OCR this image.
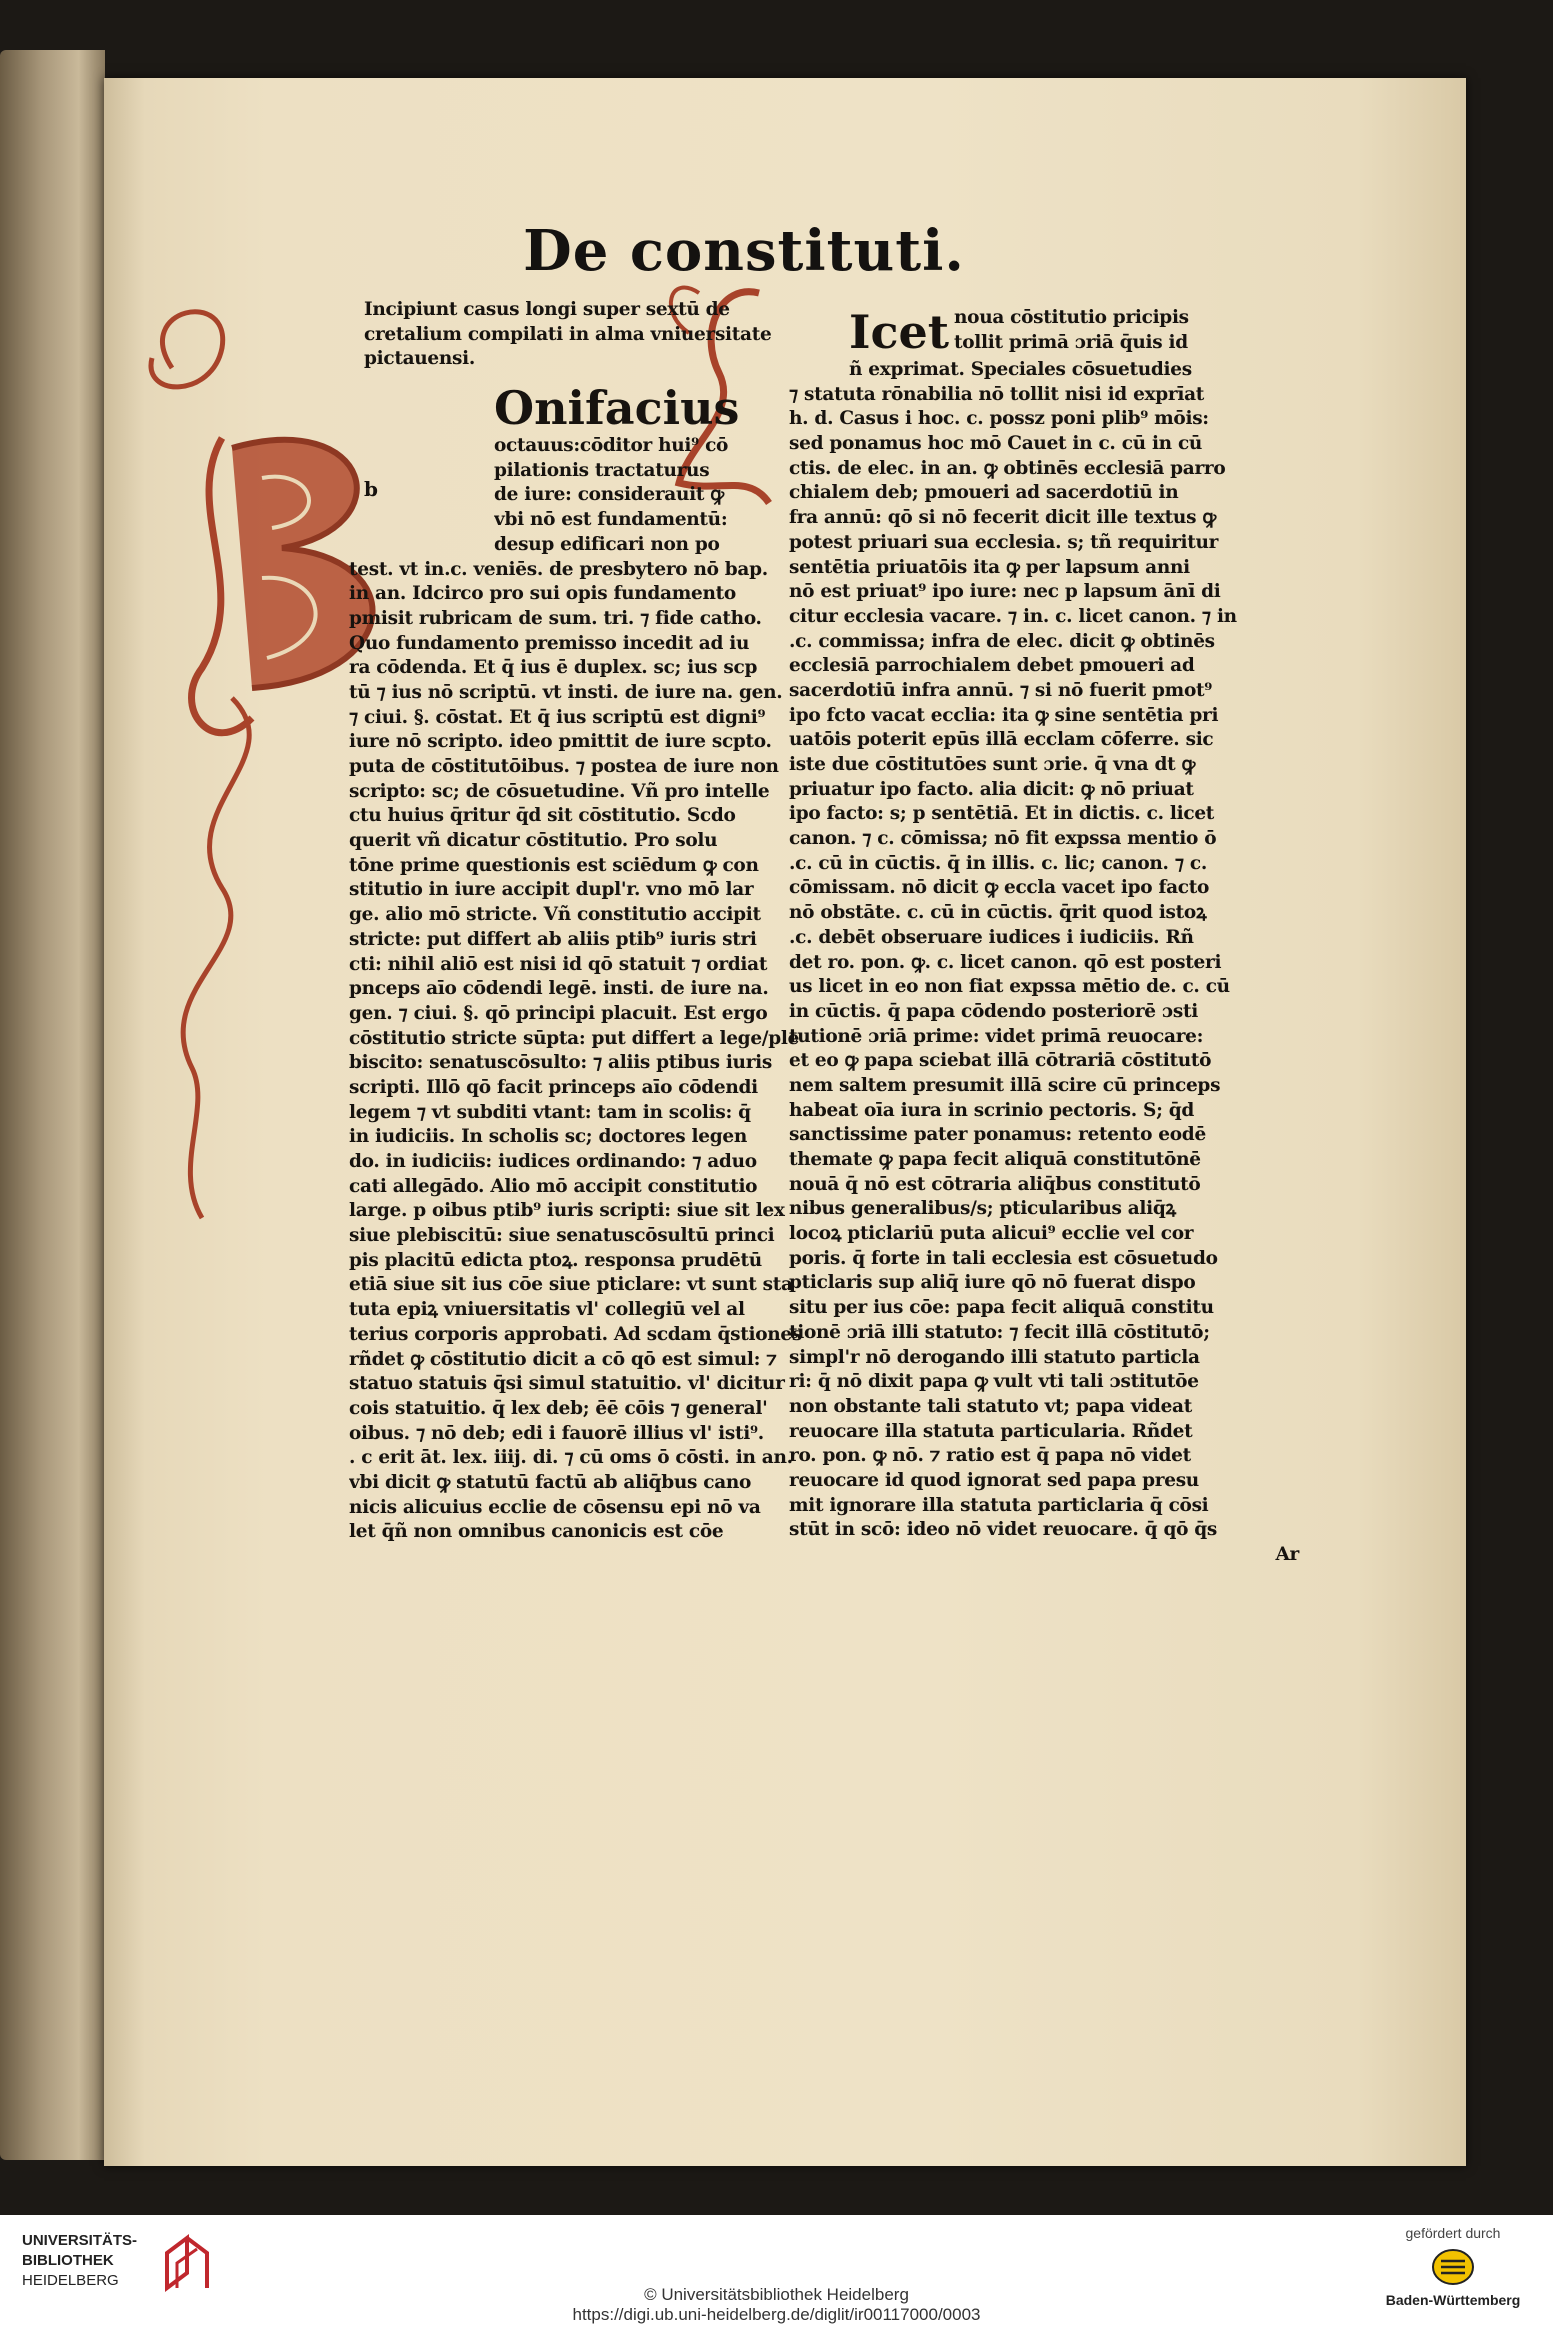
De constituti.
Incipiunt casus longi super sextū de
cretalium compilati in alma vniuersitate
pictauensi.
b
Onifacius
octauus:cōditor hui⁹ cō
pilationis tractaturus
de iure: considerauit ꝙ
vbi nō est fundamentū:
desup edificari non po
test. vt in.c. veniēs. de presbytero nō bap.
in an. Idcirco pro sui opis fundamento
pmisit rubricam de sum. tri. ⁊ fide catho.
Quo fundamento premisso incedit ad iu
ra cōdenda. Et q̄ ius ē duplex. sc; ius scp
tū ⁊ ius nō scriptū. vt insti. de iure na. gen.
⁊ ciui. §. cōstat. Et q̄ ius scriptū est digni⁹
iure nō scripto. ideo pmittit de iure scpto.
puta de cōstitutōibus. ⁊ postea de iure non
scripto: sc; de cōsuetudine. Vñ pro intelle
ctu huius q̄ritur q̄d sit cōstitutio. Scdo
querit vñ dicatur cōstitutio. Pro solu
tōne prime questionis est sciēdum ꝙ con
stitutio in iure accipit dupl'r. vno mō lar
ge. alio mō stricte. Vñ constitutio accipit
stricte: put differt ab aliis ptib⁹ iuris stri
cti: nihil aliō est nisi id qō statuit ⁊ ordiat
pnceps aīo cōdendi legē. insti. de iure na.
gen. ⁊ ciui. §. qō principi placuit. Est ergo
cōstitutio stricte sūpta: put differt a lege/ple
biscito: senatuscōsulto: ⁊ aliis ptibus iuris
scripti. Illō qō facit princeps aīo cōdendi
legem ⁊ vt subditi vtant: tam in scolis: q̄
in iudiciis. In scholis sc; doctores legen
do. in iudiciis: iudices ordinando: ⁊ aduo
cati allegādo. Alio mō accipit constitutio
large. p oibus ptib⁹ iuris scripti: siue sit lex
siue plebiscitū: siue senatuscōsultū princi
pis placitū edicta ptoꝝ. responsa prudētū
etiā siue sit ius cōe siue pticlare: vt sunt sta
tuta epiꝝ vniuersitatis vl' collegiū vel al
terius corporis approbati. Ad scdam q̄stiones
rñdet ꝙ cōstitutio dicit a cō qō est simul: ⁊
statuo statuis q̄si simul statuitio. vl' dicitur
cois statuitio. q̄ lex deb; ēē cōis ⁊ general'
oibus. ⁊ nō deb; edi i fauorē illius vl' isti⁹.
. c erit āt. lex. iiij. di. ⁊ cū oms ō cōsti. in an.
vbi dicit ꝙ statutū factū ab aliq̄bus cano
nicis alicuius ecclie de cōsensu epi nō va
let q̄ñ non omnibus canonicis est cōe
Icet noua cōstitutio pricipis
tollit primā ɔriā q̄uis id
ñ exprimat. Speciales cōsuetudies
⁊ statuta rōnabilia nō tollit nisi id exprīat
h. d. Casus i hoc. c. possz poni plib⁹ mōis:
sed ponamus hoc mō Cauet in c. cū in cū
ctis. de elec. in an. ꝙ obtinēs ecclesiā parro
chialem deb; pmoueri ad sacerdotiū in
fra annū: qō si nō fecerit dicit ille textus ꝙ
potest priuari sua ecclesia. s; tñ requiritur
sentētia priuatōis ita ꝙ per lapsum anni
nō est priuat⁹ ipo iure: nec p lapsum ānī di
citur ecclesia vacare. ⁊ in. c. licet canon. ⁊ in
.c. commissa; infra de elec. dicit ꝙ obtinēs
ecclesiā parrochialem debet pmoueri ad
sacerdotiū infra annū. ⁊ si nō fuerit pmot⁹
ipo fcto vacat ecclia: ita ꝙ sine sentētia pri
uatōis poterit epūs illā ecclam cōferre. sic
iste due cōstitutōes sunt ɔrie. q̄ vna dt ꝙ
priuatur ipo facto. alia dicit: ꝙ nō priuat
ipo facto: s; p sentētiā. Et in dictis. c. licet
canon. ⁊ c. cōmissa; nō fit expssa mentio ō
.c. cū in cūctis. q̄ in illis. c. lic; canon. ⁊ c.
cōmissam. nō dicit ꝙ eccla vacet ipo facto
nō obstāte. c. cū in cūctis. q̄rit quod istoꝝ
.c. debēt obseruare iudices i iudiciis. Rñ
det ro. pon. ꝙ. c. licet canon. qō est posteri
us licet in eo non fiat expssa mētio de. c. cū
in cūctis. q̄ papa cōdendo posteriorē ɔsti
tutionē ɔriā prime: videt primā reuocare:
et eo ꝙ papa sciebat illā cōtrariā cōstitutō
nem saltem presumit illā scire cū princeps
habeat oīa iura in scrinio pectoris. S; q̄d
sanctissime pater ponamus: retento eodē
themate ꝙ papa fecit aliquā constitutōnē
nouā q̄ nō est cōtraria aliq̄bus constitutō
nibus generalibus/s; pticularibus aliq̄ꝝ
locoꝝ pticlariū puta alicui⁹ ecclie vel cor
poris. q̄ forte in tali ecclesia est cōsuetudo
pticlaris sup aliq̄ iure qō nō fuerat dispo
situ per ius cōe: papa fecit aliquā constitu
tionē ɔriā illi statuto: ⁊ fecit illā cōstitutō;
simpl'r nō derogando illi statuto particla
ri: q̄ nō dixit papa ꝙ vult vti tali ɔstitutōe
non obstante tali statuto vt; papa videat
reuocare illa statuta particularia. Rñdet
ro. pon. ꝙ nō. ⁊ ratio est q̄ papa nō videt
reuocare id quod ignorat sed papa presu
mit ignorare illa statuta particlaria q̄ cōsi
stūt in scō: ideo nō videt reuocare. q̄ qō q̄s
Ar
UNIVERSITÄTS-
BIBLIOTHEK
HEIDELBERG
© Universitätsbibliothek Heidelberg
https://digi.ub.uni-heidelberg.de/diglit/ir00117000/0003
gefördert durch
Baden-Württemberg
